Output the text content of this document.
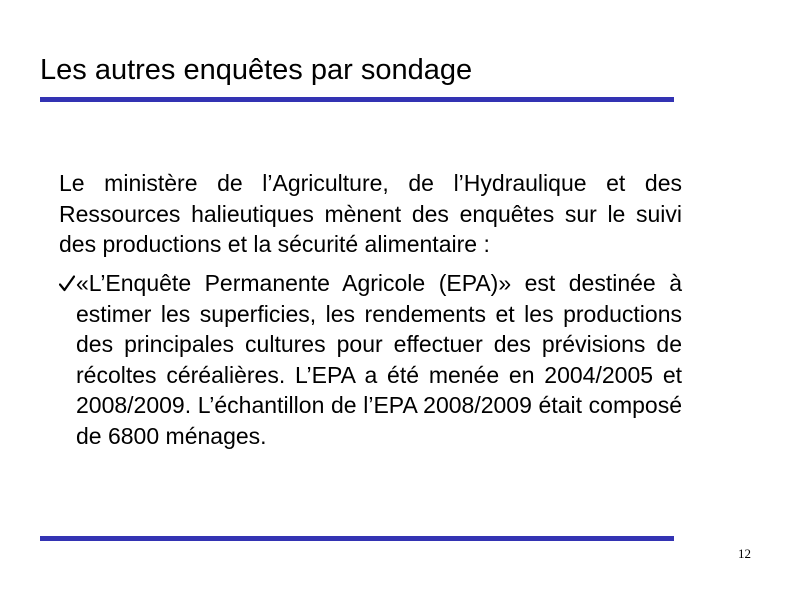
Les autres enquêtes par sondage

Le ministère de l’Agriculture, de l’Hydraulique et des Ressources halieutiques mènent des enquêtes sur le suivi des productions et la sécurité alimentaire :

«L’Enquête Permanente Agricole (EPA)» est destinée à estimer les superficies, les rendements et les productions des principales cultures pour effectuer des prévisions de récoltes céréalières. L’EPA a été menée en 2004/2005 et 2008/2009. L’échantillon de l’EPA 2008/2009 était composé de 6800 ménages.

12
